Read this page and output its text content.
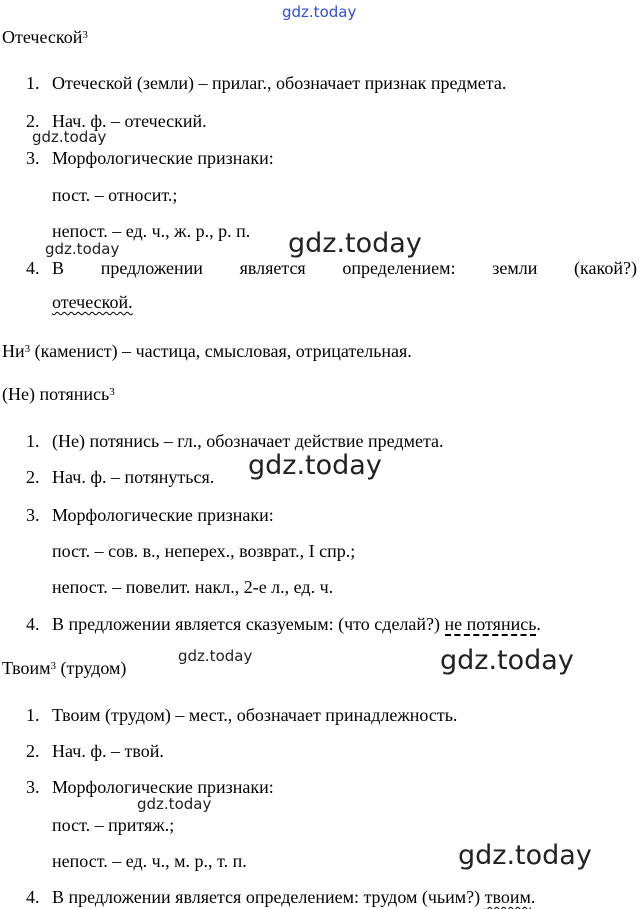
gdz.today
Отеческой$^3$
1. Отеческой (земли) – прилаг., обозначает признак предмета.
2. Нач. ф. – отеческий.
gdz.today
3. Морфологические признаки:
пост. – относит.;
непост. – ед. ч., ж. р., р. п.
gdz.today	gdz.today
4. В предложении является определением: земли (какой?)
отеческой.
$Ни^3$ (каменист) – частица, смысловая, отрицательная.
(Не) потянись$^3$
1. (Не) потянись – гл., обозначает действие предмета.
2. Нач. ф. – потянуться. gdz.today
3. Морфологические признаки:
пост. – сов. в., неперех., возврат., I спр.;
непост. – повелит. накл., 2-е л., ед. ч.
4. В предложении является сказуемым: (что сделай?) не потянись.
Твоим$^3$ (трудом)
gdz.today	gdz.today
1. Твоим (трудом) – мест., обозначает принадлежность.
2. Нач. ф. – твой.
3. Морфологические признаки:
gdz.today
пост. – притяж.;
непост. – ед. ч., м. р., т. п.	gdz.today
4. В предложении является определением: трудом (чьим?) твоим.
